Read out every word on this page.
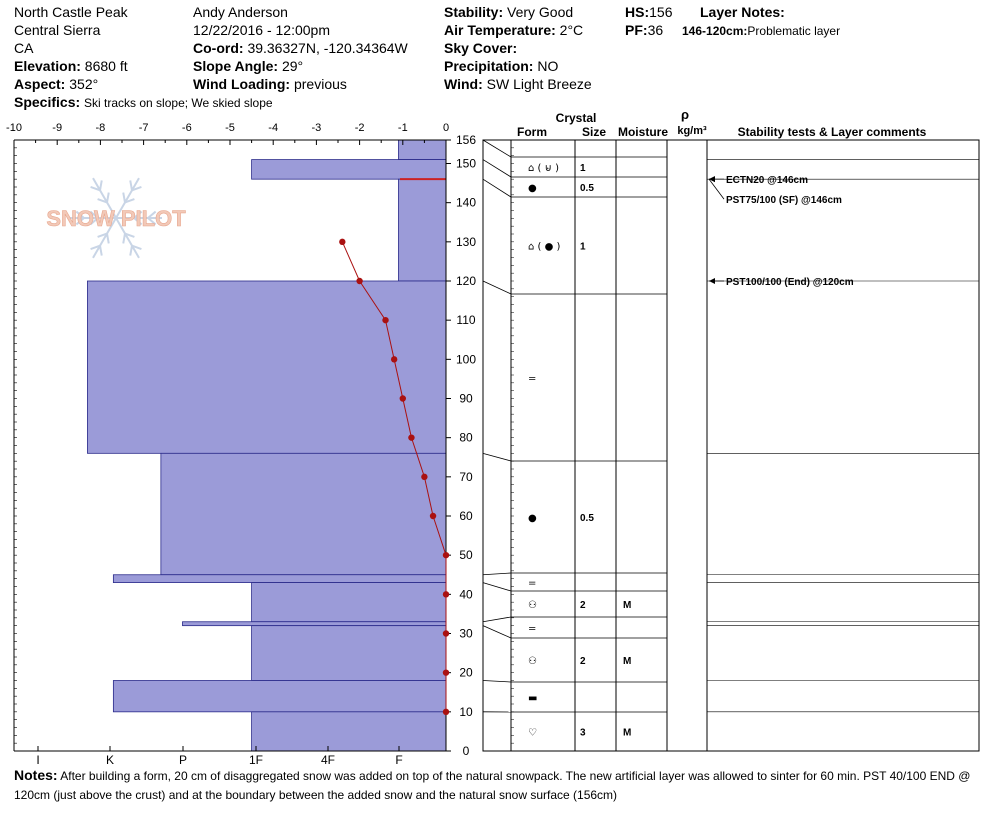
North Castle Peak
Central Sierra
CA
Elevation: 8680 ft
Aspect: 352°
Specifics: Ski tracks on slope; We skied slope
Andy Anderson
12/22/2016 - 12:00pm
Co-ord: 39.36327N, -120.34364W
Slope Angle: 29°
Wind Loading: previous
Stability: Very Good
Air Temperature: 2°C
Sky Cover:
Precipitation: NO
Wind: SW Light Breeze
HS:156
PF:36
Layer Notes:
146-120cm:Problematic layer
SNOW PILOT
-10	-9	-8	-7	-6	-5	-4	-3	-2	-1	0
I	K	P	1F	4F	F
0
10
20
30
40
50
60
70
80
90
100
110
120
130
140
150
156
Crystal
Form	Size Moisture
ρ
kg/m³	Stability tests & Layer comments
⌂ ( ⊌ ) 1
●	0.5
⌂ ( ● ) 1
=
●	0.5
=
⚇	2	M
=
⚇	2	M
▬
♡	3	M
ECTN20 @146cm
PST75/100 (SF) @146cm
PST100/100 (End) @120cm
Notes: After building a form, 20 cm of disaggregated snow was added on top of the natural snowpack. The new artificial layer was allowed to sinter for 60 min. PST 40/100 END @ 120cm (just above the crust) and at the boundary between the added snow and the natural snow surface (156cm)
